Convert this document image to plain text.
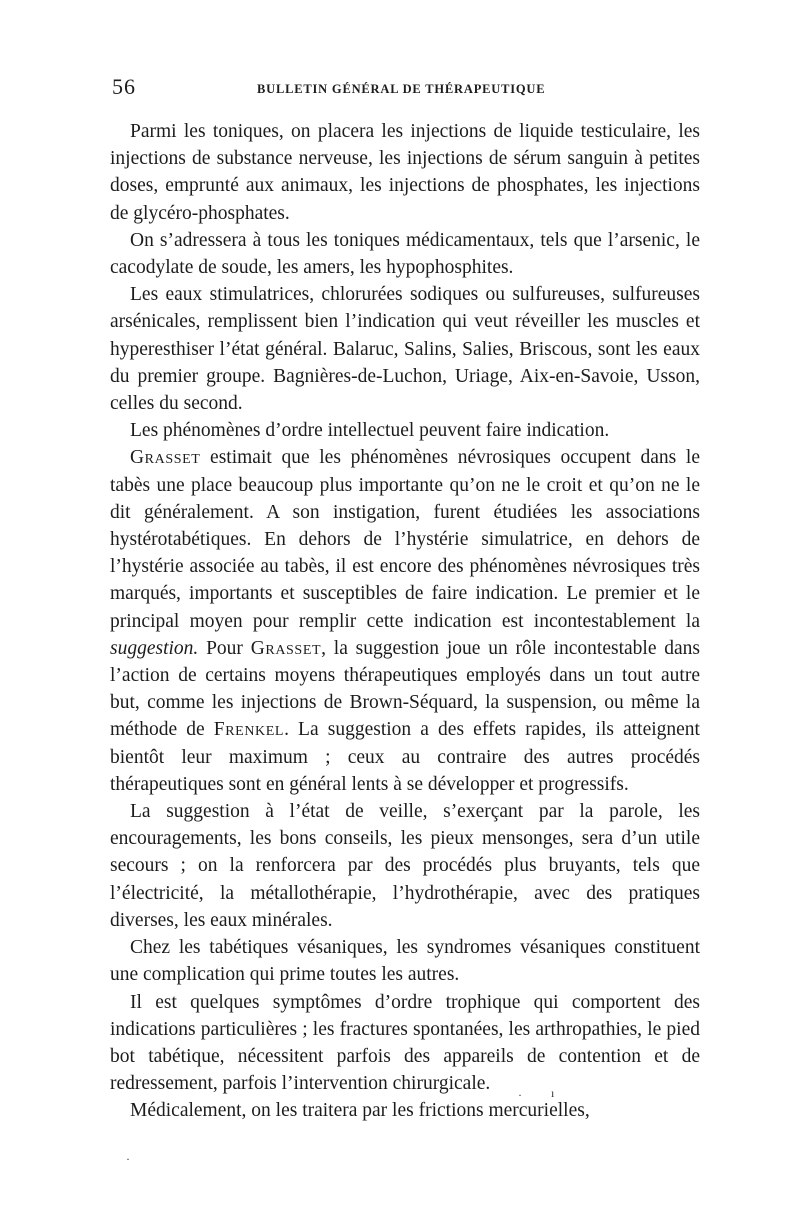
56	BULLETIN GÉNÉRAL DE THÉRAPEUTIQUE

Parmi les toniques, on placera les injections de liquide testiculaire, les injections de substance nerveuse, les injections de sérum sanguin à petites doses, emprunté aux animaux, les injections de phosphates, les injections de glycéro-phosphates.

On s’adressera à tous les toniques médicamentaux, tels que l’arsenic, le cacodylate de soude, les amers, les hypophosphites.

Les eaux stimulatrices, chlorurées sodiques ou sulfureuses, sulfureuses arsénicales, remplissent bien l’indication qui veut réveiller les muscles et hyperesthiser l’état général. Balaruc, Salins, Salies, Briscous, sont les eaux du premier groupe. Bagnières-de-Luchon, Uriage, Aix-en-Savoie, Usson, celles du second.

Les phénomènes d’ordre intellectuel peuvent faire indication.

Grasset estimait que les phénomènes névrosiques occupent dans le tabès une place beaucoup plus importante qu’on ne le croit et qu’on ne le dit généralement. A son instigation, furent étudiées les associations hystérotabétiques. En dehors de l’hystérie simulatrice, en dehors de l’hystérie associée au tabès, il est encore des phénomènes névrosiques très marqués, importants et susceptibles de faire indication. Le premier et le principal moyen pour remplir cette indication est incontestablement la suggestion. Pour Grasset, la suggestion joue un rôle incontestable dans l’action de certains moyens thérapeutiques employés dans un tout autre but, comme les injections de Brown-Séquard, la suspension, ou même la méthode de Frenkel. La suggestion a des effets rapides, ils atteignent bientôt leur maximum ; ceux au contraire des autres procédés thérapeutiques sont en général lents à se développer et progressifs.

La suggestion à l’état de veille, s’exerçant par la parole, les encouragements, les bons conseils, les pieux mensonges, sera d’un utile secours ; on la renforcera par des procédés plus bruyants, tels que l’électricité, la métallothérapie, l’hydrothérapie, avec des pratiques diverses, les eaux minérales.

Chez les tabétiques vésaniques, les syndromes vésaniques constituent une complication qui prime toutes les autres.

Il est quelques symptômes d’ordre trophique qui comportent des indications particulières ; les fractures spontanées, les arthropathies, le pied bot tabétique, nécessitent parfois des appareils de contention et de redressement, parfois l’intervention chirurgicale.

Médicalement, on les traitera par les frictions mercurielles,

· ı
·
